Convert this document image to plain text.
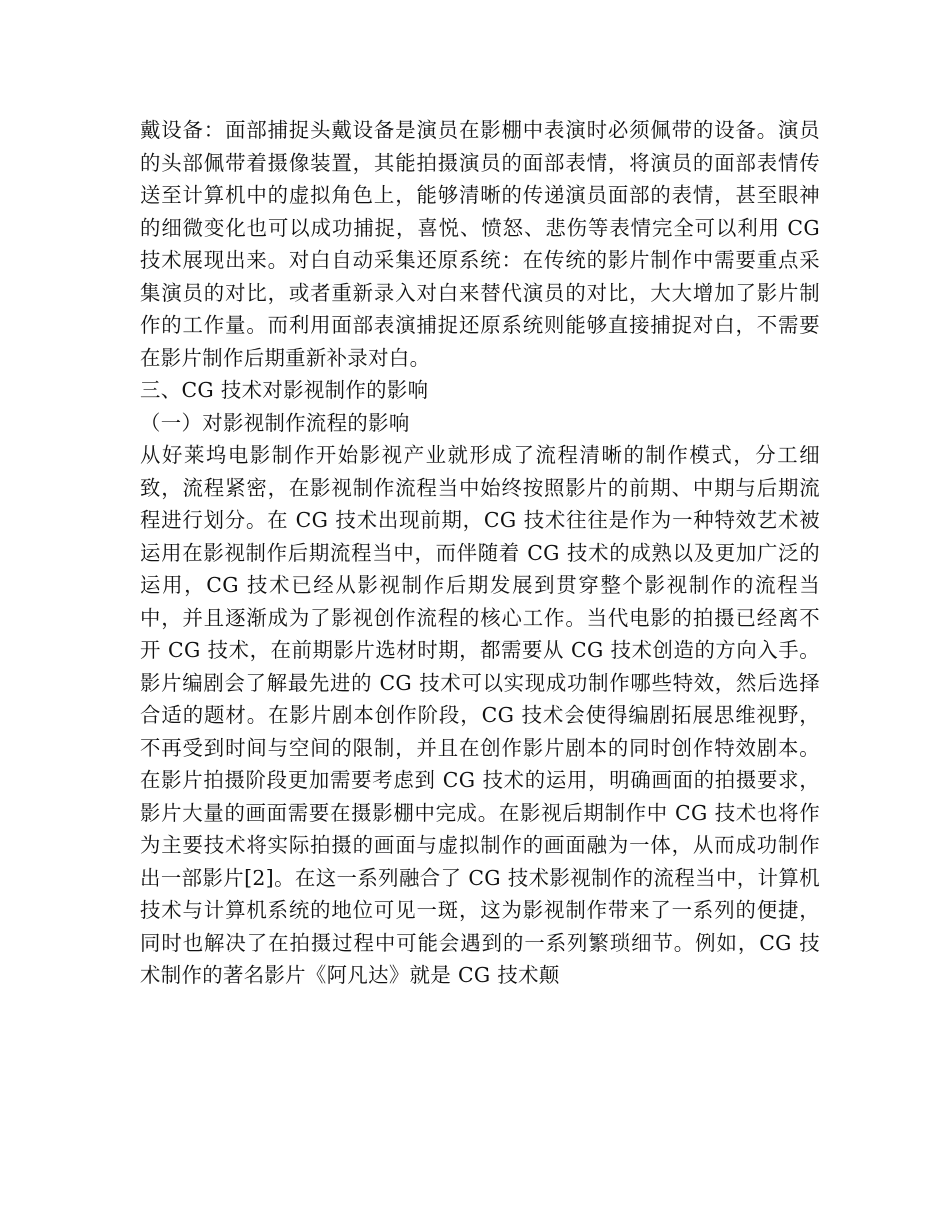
戴设备：面部捕捉头戴设备是演员在影棚中表演时必须佩带的设备。演员的头部佩带着摄像装置，其能拍摄演员的面部表情，将演员的面部表情传送至计算机中的虚拟角色上，能够清晰的传递演员面部的表情，甚至眼神的细微变化也可以成功捕捉，喜悦、愤怒、悲伤等表情完全可以利用 CG 技术展现出来。对白自动采集还原系统：在传统的影片制作中需要重点采集演员的对比，或者重新录入对白来替代演员的对比，大大增加了影片制作的工作量。而利用面部表演捕捉还原系统则能够直接捕捉对白，不需要在影片制作后期重新补录对白。

三、CG 技术对影视制作的影响

（一）对影视制作流程的影响

从好莱坞电影制作开始影视产业就形成了流程清晰的制作模式，分工细致，流程紧密，在影视制作流程当中始终按照影片的前期、中期与后期流程进行划分。在 CG 技术出现前期，CG 技术往往是作为一种特效艺术被运用在影视制作后期流程当中，而伴随着 CG 技术的成熟以及更加广泛的运用，CG 技术已经从影视制作后期发展到贯穿整个影视制作的流程当中，并且逐渐成为了影视创作流程的核心工作。当代电影的拍摄已经离不开 CG 技术，在前期影片选材时期，都需要从 CG 技术创造的方向入手。影片编剧会了解最先进的 CG 技术可以实现成功制作哪些特效，然后选择合适的题材。在影片剧本创作阶段，CG 技术会使得编剧拓展思维视野，不再受到时间与空间的限制，并且在创作影片剧本的同时创作特效剧本。在影片拍摄阶段更加需要考虑到 CG 技术的运用，明确画面的拍摄要求，影片大量的画面需要在摄影棚中完成。在影视后期制作中 CG 技术也将作为主要技术将实际拍摄的画面与虚拟制作的画面融为一体，从而成功制作出一部影片[2]。在这一系列融合了 CG 技术影视制作的流程当中，计算机技术与计算机系统的地位可见一斑，这为影视制作带来了一系列的便捷，同时也解决了在拍摄过程中可能会遇到的一系列繁琐细节。例如，CG 技术制作的著名影片《阿凡达》就是 CG 技术颠
